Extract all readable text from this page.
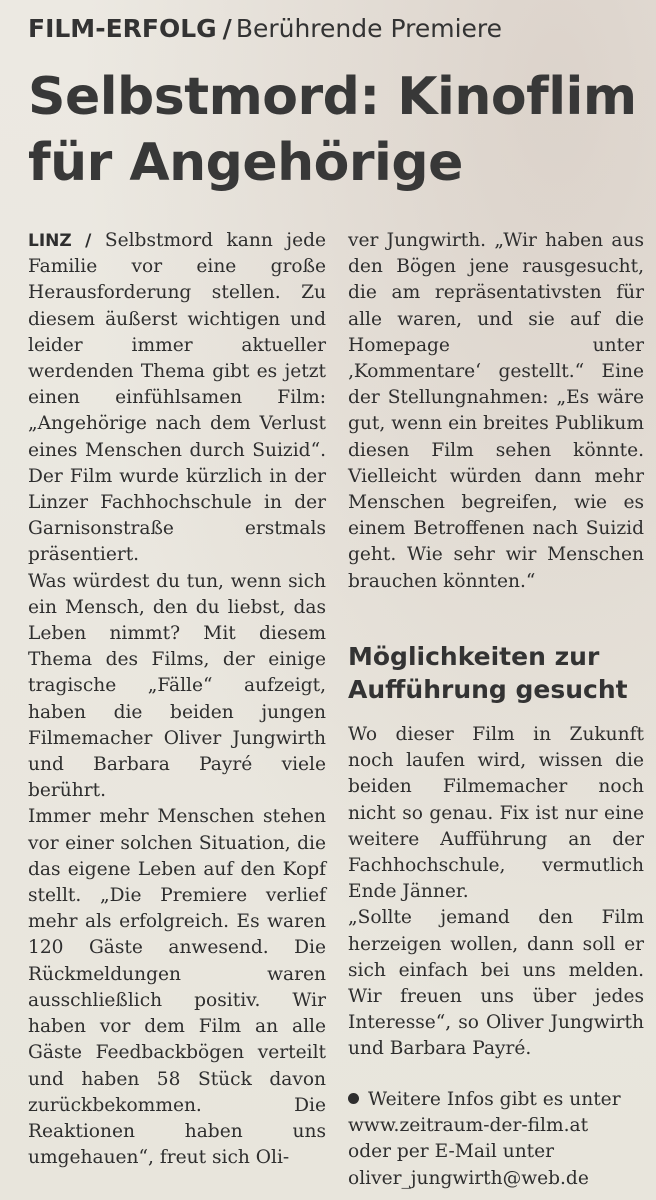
FILM-ERFOLG / Berührende Premiere
Selbstmord: Kinoflim
für Angehörige

LINZ / Selbstmord kann jede Familie vor eine große Herausforderung stellen. Zu diesem äußerst wichtigen und leider immer aktueller werdenden Thema gibt es jetzt einen einfühlsamen Film: „Angehörige nach dem Verlust eines Menschen durch Suizid“. Der Film wurde kürzlich in der Linzer Fachhochschule in der Garnisonstraße erstmals präsentiert.

Was würdest du tun, wenn sich ein Mensch, den du liebst, das Leben nimmt? Mit diesem Thema des Films, der einige tragische „Fälle“ aufzeigt, haben die beiden jungen Filmemacher Oliver Jungwirth und Barbara Payré viele berührt.

Immer mehr Menschen stehen vor einer solchen Situation, die das eigene Leben auf den Kopf stellt. „Die Premiere verlief mehr als erfolgreich. Es waren 120 Gäste anwesend. Die Rückmeldungen waren ausschließlich positiv. Wir haben vor dem Film an alle Gäste Feedbackbögen verteilt und haben 58 Stück davon zurückbekommen. Die Reaktionen haben uns umgehauen“, freut sich Oli-

ver Jungwirth. „Wir haben aus den Bögen jene rausgesucht, die am repräsentativsten für alle waren, und sie auf die Homepage unter ‚Kommentare‘ gestellt.“ Eine der Stellungnahmen: „Es wäre gut, wenn ein breites Publikum diesen Film sehen könnte. Vielleicht würden dann mehr Menschen begreifen, wie es einem Betroffenen nach Suizid geht. Wie sehr wir Menschen brauchen könnten.“

Möglichkeiten zur
Aufführung gesucht

Wo dieser Film in Zukunft noch laufen wird, wissen die beiden Filmemacher noch nicht so genau. Fix ist nur eine weitere Aufführung an der Fachhochschule, vermutlich Ende Jänner.

„Sollte jemand den Film herzeigen wollen, dann soll er sich einfach bei uns melden. Wir freuen uns über jedes Interesse“, so Oliver Jungwirth und Barbara Payré.

Weitere Infos gibt es unter
www.zeitraum-der-film.at
oder per E-Mail unter
oliver_jungwirth@web.de
